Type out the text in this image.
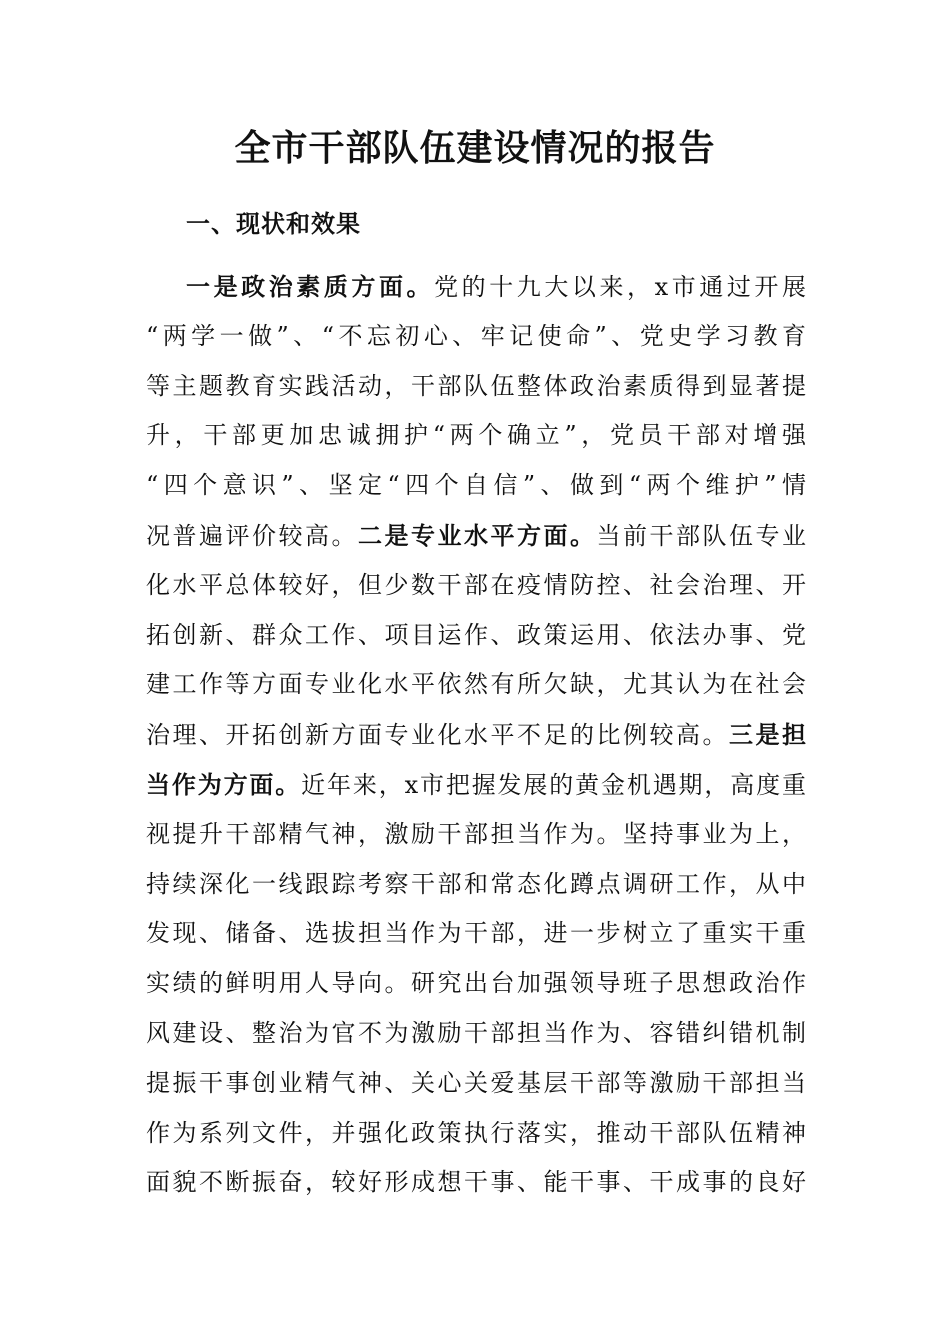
全市干部队伍建设情况的报告
一、现状和效果
一是政治素质方面。党的十九大以来，x市通过开展
“两学一做”、“不忘初心、牢记使命”、党史学习教育
等主题教育实践活动，干部队伍整体政治素质得到显著提
升，干部更加忠诚拥护“两个确立”，党员干部对增强
“四个意识”、坚定“四个自信”、做到“两个维护”情
况普遍评价较高。二是专业水平方面。当前干部队伍专业
化水平总体较好，但少数干部在疫情防控、社会治理、开
拓创新、群众工作、项目运作、政策运用、依法办事、党
建工作等方面专业化水平依然有所欠缺，尤其认为在社会
治理、开拓创新方面专业化水平不足的比例较高。三是担
当作为方面。近年来，x市把握发展的黄金机遇期，高度重
视提升干部精气神，激励干部担当作为。坚持事业为上，
持续深化一线跟踪考察干部和常态化蹲点调研工作，从中
发现、储备、选拔担当作为干部，进一步树立了重实干重
实绩的鲜明用人导向。研究出台加强领导班子思想政治作
风建设、整治为官不为激励干部担当作为、容错纠错机制
提振干事创业精气神、关心关爱基层干部等激励干部担当
作为系列文件，并强化政策执行落实，推动干部队伍精神
面貌不断振奋，较好形成想干事、能干事、干成事的良好
